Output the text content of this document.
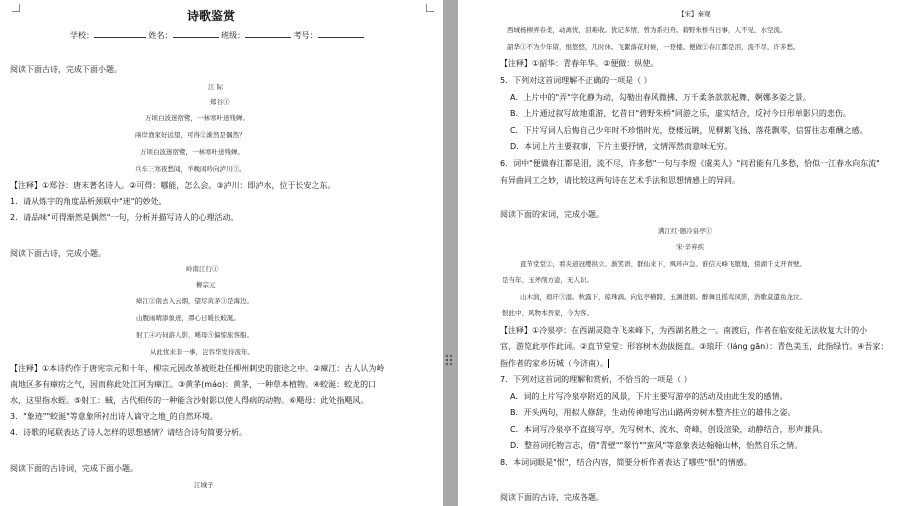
诗歌鉴赏
学校：	姓名：	班级：	考号：
阅读下面古诗，完成下面小题。
江 际
郑谷①
万顷白波迷宿鹭，一林寒叶送残蝉。
兩岸渔家好远望，可得②渐然是偶然？
万顷白波迷宿鹭，一林寒叶送残蝉。
兵车三寒夜愁闻，羊晚闲吟向泸川③。
【注释】①郑谷：唐末著名诗人。②可得：哪能，怎么会。③泸川：即泸水，位于长安之东。
1．请从炼字的角度品析颈联中"迷"的妙处。
2．请品味"可得渐然是偶然"一句，分析并描写诗人的心理活动。
阅读下面古诗，完成小题。
岭南江行①
柳宗元
瘴江②南去入云烟，望尽黄茅③是海边。
山腹雨晴添象迹，潭心日暖长蛟涎。
射工④巧伺游人影，飓母⑤偏惊旅客船。
从此忧来非一事，岂容华发待流年。
【注释】①本诗约作于唐宪宗元和十年，柳宗元因改革被贬赴任柳州刺史的旅途之中。②瘴江：古人认为岭
南地区多有瘴疠之气，因而称此处江河为瘴江。③黄茅(máo)：黄茅，一种草本植物。④蛟涎：蛟龙的口
水，这里指水蛭。⑤射工：蜮，古代相传的一种能含沙射影以使人得病的动物。⑥飓母：此处指飓风。
3．"象迹""蛟涎"等意象所衬出诗人谪守之地_的自然环境。
4．诗歌的尾联表达了诗人怎样的思想感情？请结合诗句简要分析。
阅读下面的古诗词，完成下面小题。
江城子
【宋】秦观
西城杨柳弄春柔，动离忧，泪难收。犹记多情，曾为系归舟。碧野朱桥当日事，人不见，水空流。
韶华①不为少年留，恨悠悠，几时休。飞絮落花时候，一登楼。便做②春江都是泪，流不尽，许多愁。
【注释】①韶华：青春年华。②便做：纵使。
5．下列对这首词理解不正确的一项是（ ）
A．上片中的"弄"字化静为动，勾勒出春风微拂、万千柔条款款起舞、婀娜多姿之景。
B．上片通过叙写故地重游，忆昔日"碧野朱桥"同游之乐，虚实结合，反衬今日形单影只的悲伤。
C．下片写词人后悔自己少年时不珍惜时光，登楼远眺，见柳絮飞扬、落花飘零，信誓往志难酬之感。
D．本词上片主要叙事，下片主要抒情，文情浑然而意味无穷。
6．词中"便做春江都是泪，流不尽，许多愁"一句与李煜《虞美人》"问君能有几多愁，恰似一江春水向东流"
有异曲同工之妙，请比较这两句诗在艺术手法和思想情感上的异同。
阅读下面的宋词，完成小题。
满江红·题冷泉亭①
宋·辛弃疾
直节堂堂②，看夹道冠缨拱立。渐笑语、群仙来下，飒环声急。谁信天峰飞堕地，傍湖千丈开青壁。
是当年、玉斧削方壶，无人识。
山木润，琅玕③湿。秋露下，琼珠滴。向危亭横跨，玉渊澄碧。醉舞且摇鸾凤影，浩歌莫遣鱼龙泣。
恨此中、风物本吾家，今为客。
【注释】①冷泉亭：在西湖灵隐寺飞来峰下，为西湖名胜之一。南渡后，作者在临安徙无法收复大计的小
官，游览此亭作此词。②直节堂堂：形容树木劲拔挺直。③琅玕（láng gān）：青色美玉，此指绿竹。④吾家：
指作者的家乡历城（今济南）。
7．下列对这首词的理解和赏析，不恰当的一项是（ ）
A．词的上片写冷泉亭附近的风景，下片主要写游亭的活动及由此生发的感情。
B．开头两句，用拟人修辞，生动传神地写出山路两旁树木整齐拄立的雄伟之姿。
C．本词写冷泉亭不直接写亭，先写树木、流水、奇峰，创设渲染，动静结合，形声兼具。
D．整首词托物言志，借"青壁""翠竹""蛮风"等意象表达翰翰山林，怡然自乐之情。
8．本词词眼是"恨"，结合内容，简要分析作者表达了哪些"恨"的情感。
阅读下面的古诗，完成各题。
